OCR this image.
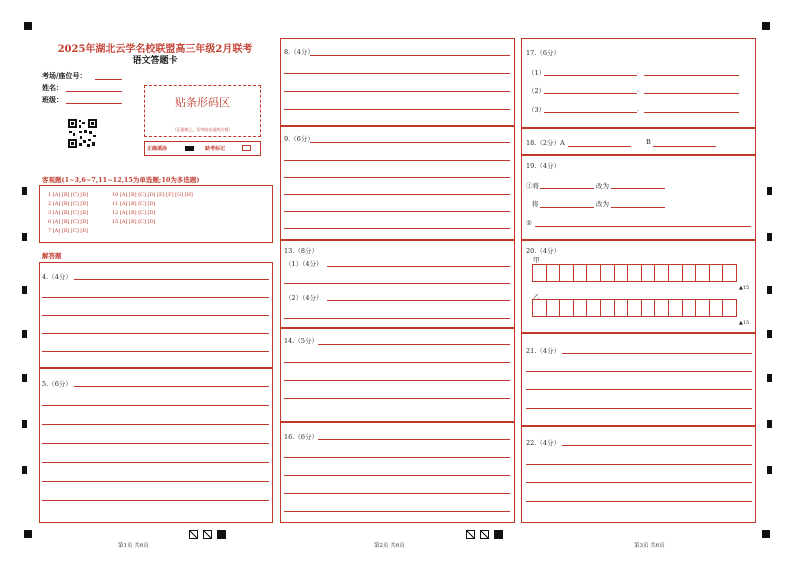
2025年湖北云学名校联盟高三年级2月联考
语文答题卡
考场/座位号：
姓名：
班级：	贴条形码区
（正面朝上，切勿贴出虚线方框）
正确填涂	缺考标记
客观题(1~3,6~7,11~12,15为单选题;10为多选题)
1 [A] [B] [C] [D]	10 [A] [B] [C] [D] [E] [F] [G] [H]
2 [A] [B] [C] [D]	11 [A] [B] [C] [D]
3 [A] [B] [C] [D]	12 [A] [B] [C] [D]
6 [A] [B] [C] [D]	15 [A] [B] [C] [D]
7 [A] [B] [C] [D]
解答题
4.（4分）
5.（6分）
8.（4分）
9.（6分）
13.（8分）
（1）（4分）
（2）（4分）
14.（5分）
16.（6分）
17.（6分）
（1）	.
（2）	.
（3）	.
18.（2分）A	B
19.（4分）
①将	改为
将	改为
②
20.（4分）
甲
▲15
乙
▲15
21.（4分）
22.（4分）
第1页 共6页	第2页 共6页	第3页 共6页
